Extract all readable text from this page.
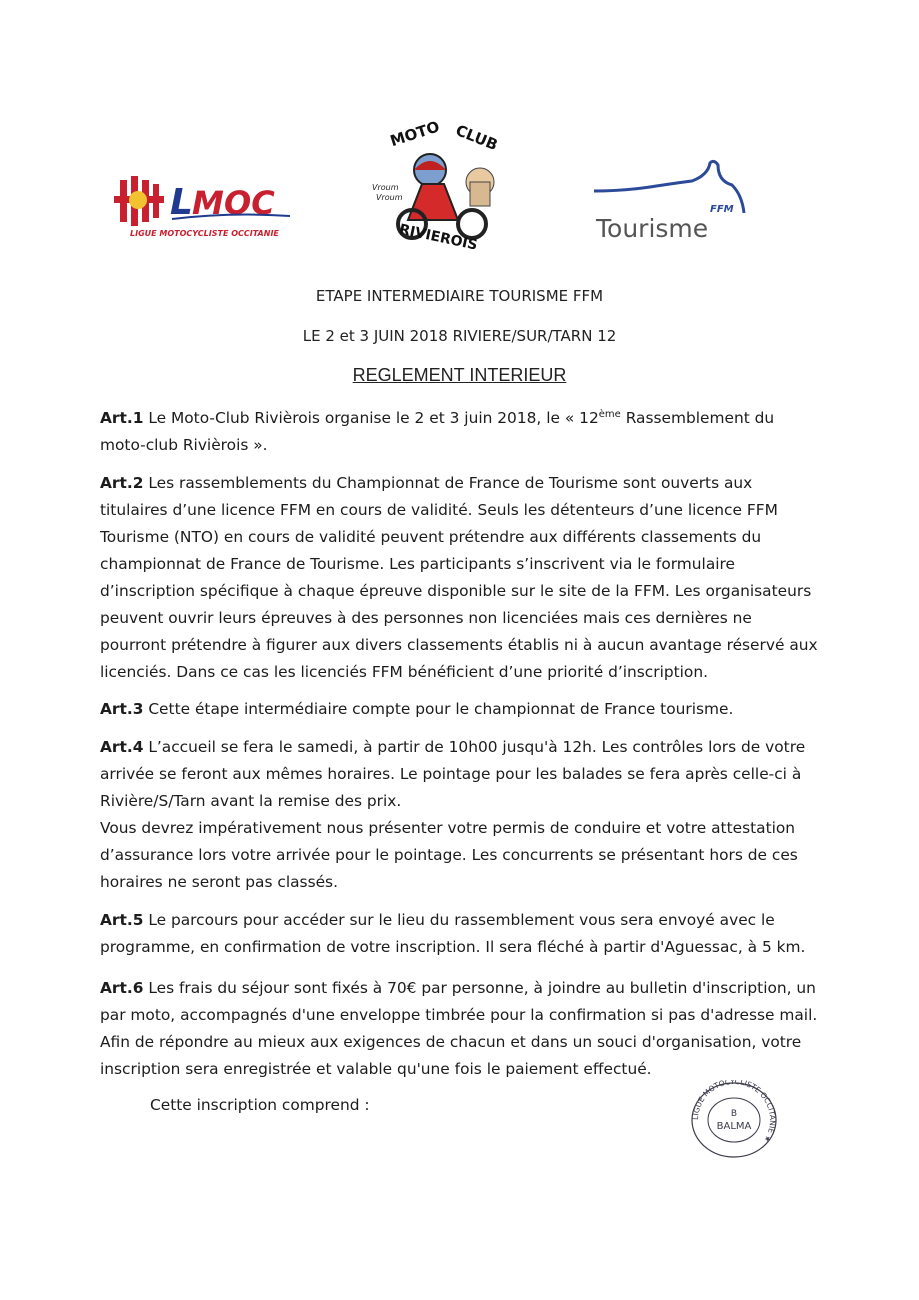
L M OC
LIGUE MOTOCYCLISTE OCCITANIE
MOTO CLUB
Vroum
Vroum
RIVIEROIS
FFM
Tourisme
ETAPE INTERMEDIAIRE TOURISME FFM
LE 2 et 3 JUIN 2018 RIVIERE/SUR/TARN 12
REGLEMENT INTERIEUR

Art.1 Le Moto-Club Rivièrois organise le 2 et 3 juin 2018, le « 12ème Rassemblement du moto-club Rivièrois ».

Art.2 Les rassemblements du Championnat de France de Tourisme sont ouverts aux titulaires d’une licence FFM en cours de validité. Seuls les détenteurs d’une licence FFM Tourisme (NTO) en cours de validité peuvent prétendre aux différents classements du championnat de France de Tourisme. Les participants s’inscrivent via le formulaire d’inscription spécifique à chaque épreuve disponible sur le site de la FFM. Les organisateurs peuvent ouvrir leurs épreuves à des personnes non licenciées mais ces dernières ne pourront prétendre à figurer aux divers classements établis ni à aucun avantage réservé aux licenciés. Dans ce cas les licenciés FFM bénéficient d’une priorité d’inscription.

Art.3 Cette étape intermédiaire compte pour le championnat de France tourisme.

Art.4 L’accueil se fera le samedi, à partir de 10h00 jusqu'à 12h. Les contrôles lors de votre arrivée se feront aux mêmes horaires. Le pointage pour les balades se fera après celle-ci à Rivière/S/Tarn avant la remise des prix.
Vous devrez impérativement nous présenter votre permis de conduire et votre attestation d’assurance lors votre arrivée pour le pointage. Les concurrents se présentant hors de ces horaires ne seront pas classés.

Art.5 Le parcours pour accéder sur le lieu du rassemblement vous sera envoyé avec le programme, en confirmation de votre inscription. Il sera fléché à partir d'Aguessac, à 5 km.

Art.6 Les frais du séjour sont fixés à 70€ par personne, à joindre au bulletin d'inscription, un par moto, accompagnés d'une enveloppe timbrée pour la confirmation si pas d'adresse mail. Afin de répondre au mieux aux exigences de chacun et dans un souci d'organisation, votre inscription sera enregistrée et valable qu'une fois le paiement effectué.

Cette inscription comprend :
LIGUE MOTOCYCLISTE OCCITANIE ★
B
BALMA
